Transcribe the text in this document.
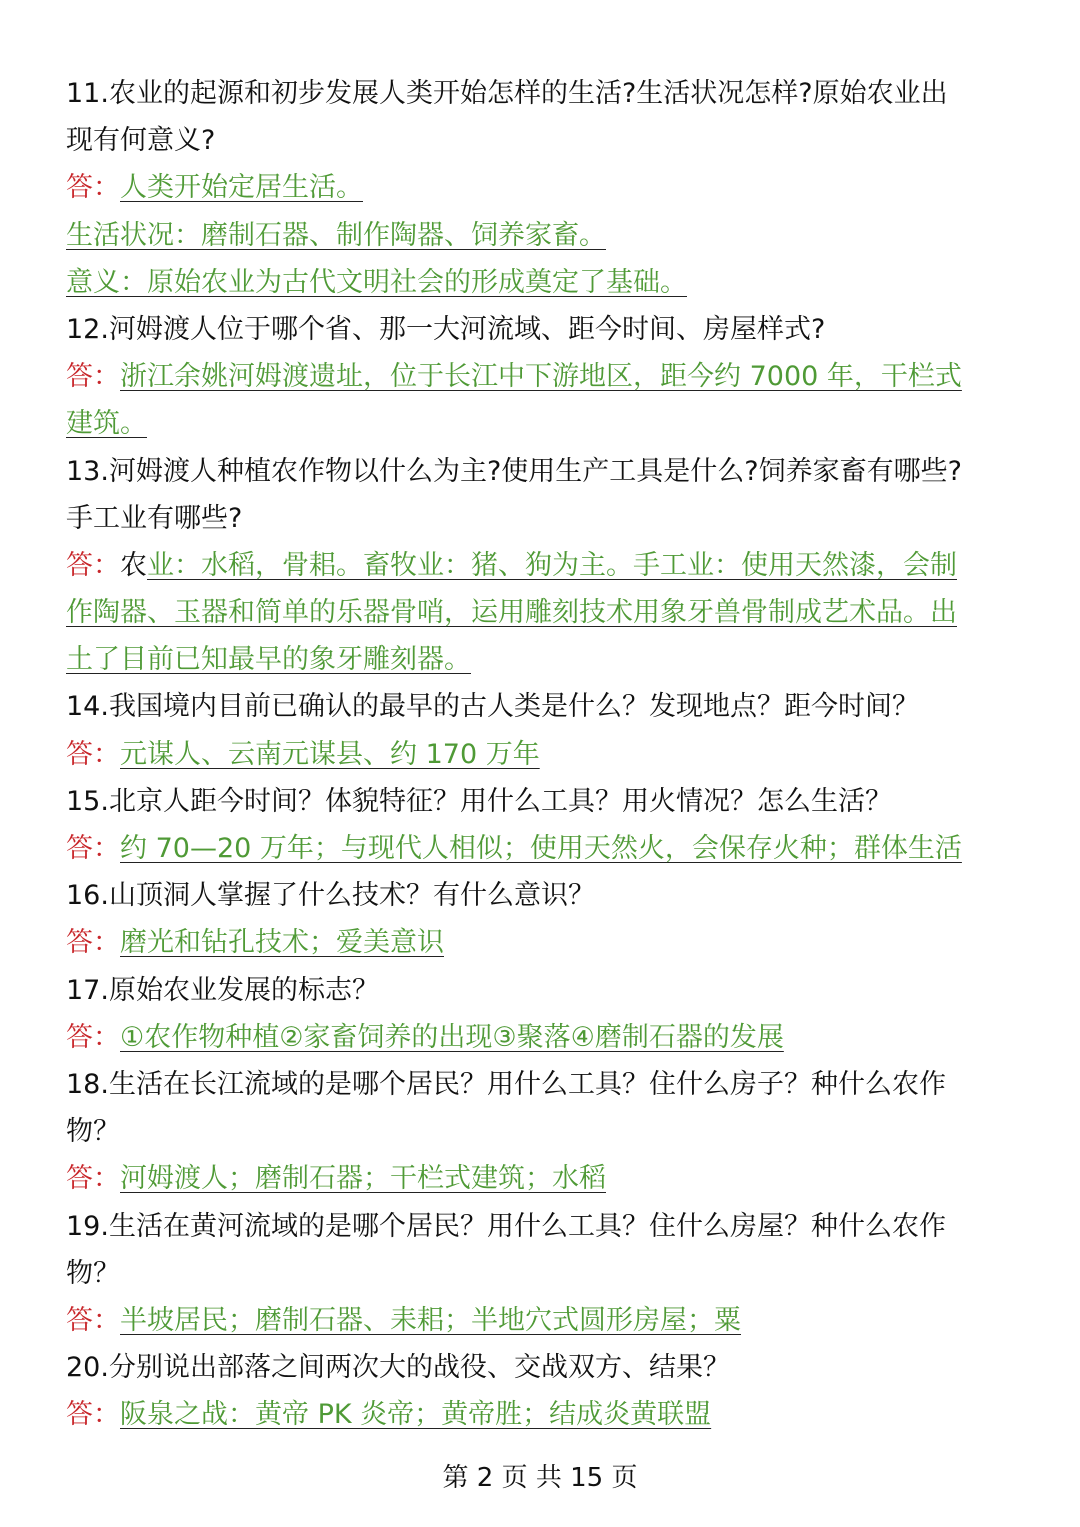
11.农业的起源和初步发展人类开始怎样的生活?生活状况怎样?原始农业出
现有何意义?
答：人类开始定居生活。
生活状况：磨制石器、制作陶器、饲养家畜。
意义：原始农业为古代文明社会的形成奠定了基础。
12.河姆渡人位于哪个省、那一大河流域、距今时间、房屋样式?
答：浙江余姚河姆渡遗址，位于长江中下游地区，距今约 7000 年，干栏式
建筑。
13.河姆渡人种植农作物以什么为主?使用生产工具是什么?饲养家畜有哪些?
手工业有哪些?
答：农业：水稻，骨耜。畜牧业：猪、狗为主。手工业：使用天然漆，会制
作陶器、玉器和简单的乐器骨哨，运用雕刻技术用象牙兽骨制成艺术品。出
土了目前已知最早的象牙雕刻器。
14.我国境内目前已确认的最早的古人类是什么？发现地点？距今时间？
答：元谋人、云南元谋县、约 170 万年
15.北京人距今时间？体貌特征？用什么工具？用火情况？怎么生活？
答：约 70—20 万年；与现代人相似；使用天然火，会保存火种；群体生活
16.山顶洞人掌握了什么技术？有什么意识？
答：磨光和钻孔技术；爱美意识
17.原始农业发展的标志？
答：①农作物种植②家畜饲养的出现③聚落④磨制石器的发展
18.生活在长江流域的是哪个居民？用什么工具？住什么房子？种什么农作
物？
答：河姆渡人；磨制石器；干栏式建筑；水稻
19.生活在黄河流域的是哪个居民？用什么工具？住什么房屋？种什么农作
物？
答：半坡居民；磨制石器、耒耜；半地穴式圆形房屋；粟
20.分别说出部落之间两次大的战役、交战双方、结果？
答：阪泉之战：黄帝 PK 炎帝；黄帝胜；结成炎黄联盟
第 2 页 共 15 页
